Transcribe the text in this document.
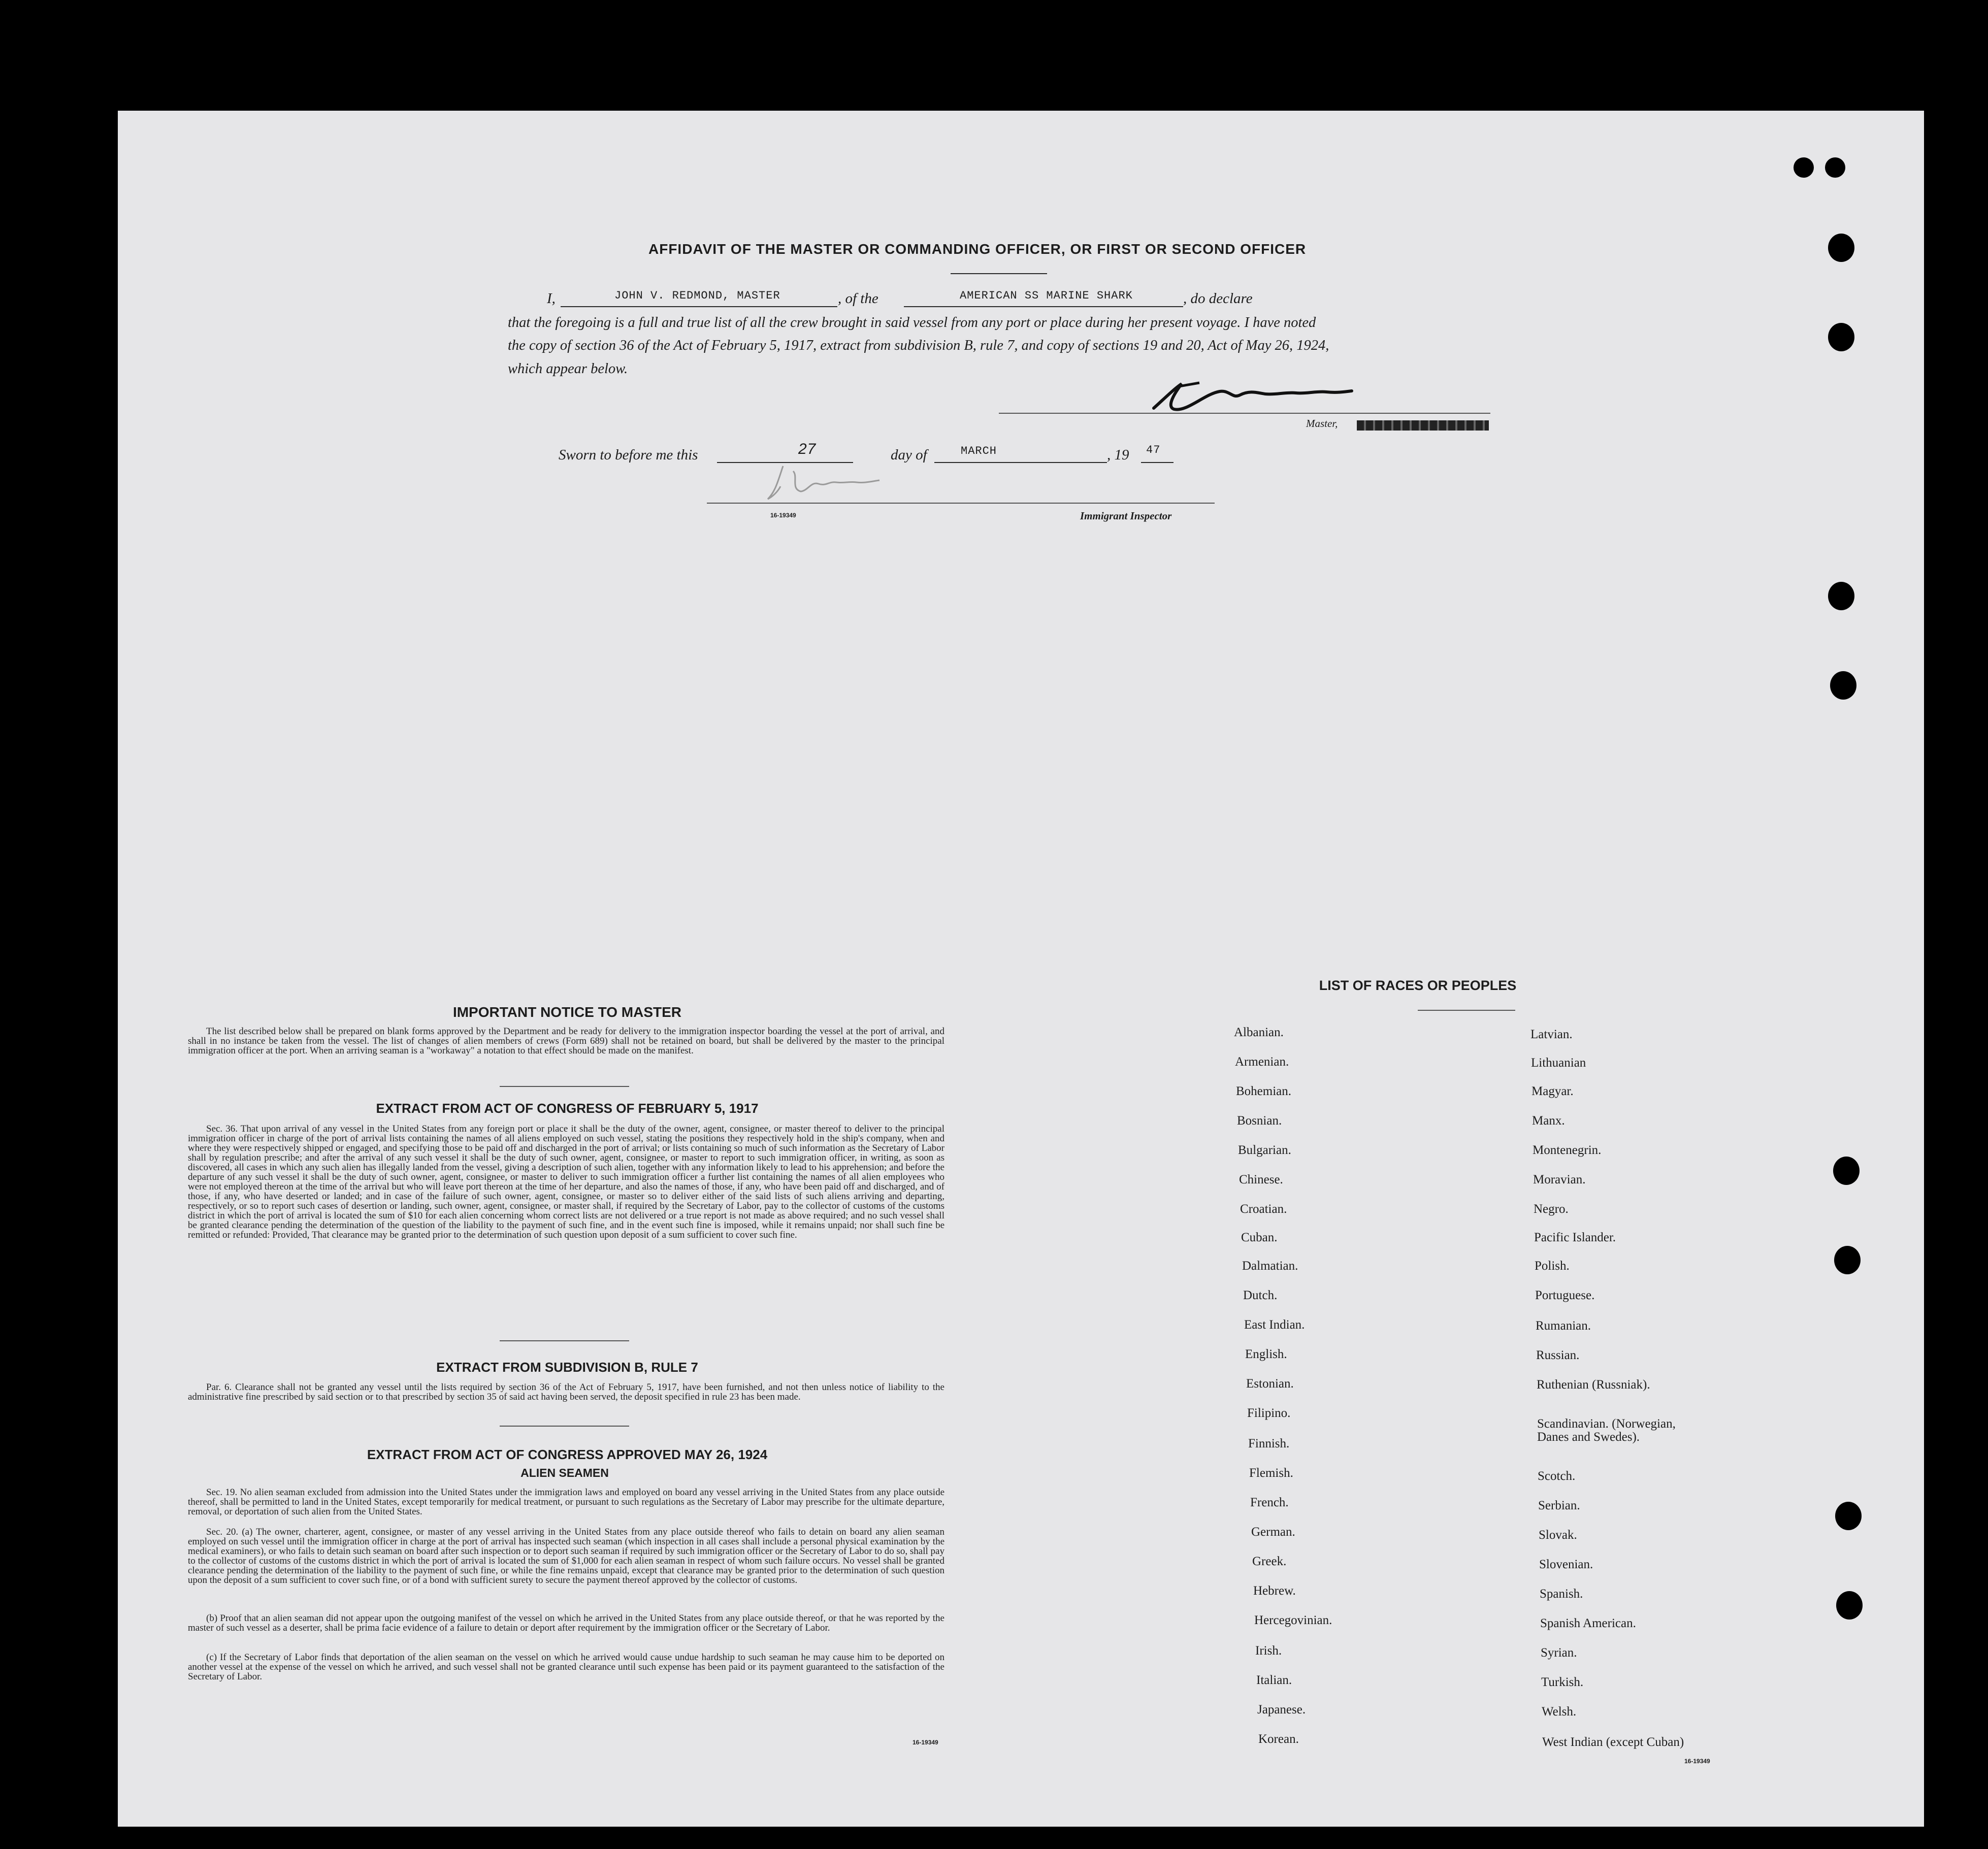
AFFIDAVIT OF THE MASTER OR COMMANDING OFFICER, OR FIRST OR SECOND OFFICER
I,	JOHN V. REDMOND, MASTER	, of the	AMERICAN SS MARINE SHARK	, do declare
that the foregoing is a full and true list of all the crew brought in said vessel from any port or place during her present voyage. I have noted
the copy of section 36 of the Act of February 5, 1917, extract from subdivision B, rule 7, and copy of sections 19 and 20, Act of May 26, 1924,
which appear below.
Master,
Sworn to before me this	27	day of	MARCH	, 19 47
16-19349	Immigrant Inspector
IMPORTANT NOTICE TO MASTER
The list described below shall be prepared on blank forms approved by the Department and be ready for delivery to the immigration inspector boarding the vessel at the port of arrival, and shall in no instance be taken from the vessel. The list of changes of alien members of crews (Form 689) shall not be retained on board, but shall be delivered by the master to the principal immigration officer at the port. When an arriving seaman is a "workaway" a notation to that effect should be made on the manifest.
EXTRACT FROM ACT OF CONGRESS OF FEBRUARY 5, 1917
Sec. 36. That upon arrival of any vessel in the United States from any foreign port or place it shall be the duty of the owner, agent, consignee, or master thereof to deliver to the principal immigration officer in charge of the port of arrival lists containing the names of all aliens employed on such vessel, stating the positions they respectively hold in the ship's company, when and where they were respectively shipped or engaged, and specifying those to be paid off and discharged in the port of arrival; or lists containing so much of such information as the Secretary of Labor shall by regulation prescribe; and after the arrival of any such vessel it shall be the duty of such owner, agent, consignee, or master to report to such immigration officer, in writing, as soon as discovered, all cases in which any such alien has illegally landed from the vessel, giving a description of such alien, together with any information likely to lead to his apprehension; and before the departure of any such vessel it shall be the duty of such owner, agent, consignee, or master to deliver to such immigration officer a further list containing the names of all alien employees who were not employed thereon at the time of the arrival but who will leave port thereon at the time of her departure, and also the names of those, if any, who have been paid off and discharged, and of those, if any, who have deserted or landed; and in case of the failure of such owner, agent, consignee, or master so to deliver either of the said lists of such aliens arriving and departing, respectively, or so to report such cases of desertion or landing, such owner, agent, consignee, or master shall, if required by the Secretary of Labor, pay to the collector of customs of the customs district in which the port of arrival is located the sum of $10 for each alien concerning whom correct lists are not delivered or a true report is not made as above required; and no such vessel shall be granted clearance pending the determination of the question of the liability to the payment of such fine, and in the event such fine is imposed, while it remains unpaid; nor shall such fine be remitted or refunded: Provided, That clearance may be granted prior to the determination of such question upon deposit of a sum sufficient to cover such fine.
EXTRACT FROM SUBDIVISION B, RULE 7
Par. 6. Clearance shall not be granted any vessel until the lists required by section 36 of the Act of February 5, 1917, have been furnished, and not then unless notice of liability to the administrative fine prescribed by said section or to that prescribed by section 35 of said act having been served, the deposit specified in rule 23 has been made.
EXTRACT FROM ACT OF CONGRESS APPROVED MAY 26, 1924
ALIEN SEAMEN
Sec. 19. No alien seaman excluded from admission into the United States under the immigration laws and employed on board any vessel arriving in the United States from any place outside thereof, shall be permitted to land in the United States, except temporarily for medical treatment, or pursuant to such regulations as the Secretary of Labor may prescribe for the ultimate departure, removal, or deportation of such alien from the United States.
Sec. 20. (a) The owner, charterer, agent, consignee, or master of any vessel arriving in the United States from any place outside thereof who fails to detain on board any alien seaman employed on such vessel until the immigration officer in charge at the port of arrival has inspected such seaman (which inspection in all cases shall include a personal physical examination by the medical examiners), or who fails to detain such seaman on board after such inspection or to deport such seaman if required by such immigration officer or the Secretary of Labor to do so, shall pay to the collector of customs of the customs district in which the port of arrival is located the sum of $1,000 for each alien seaman in respect of whom such failure occurs. No vessel shall be granted clearance pending the determination of the liability to the payment of such fine, or while the fine remains unpaid, except that clearance may be granted prior to the determination of such question upon the deposit of a sum sufficient to cover such fine, or of a bond with sufficient surety to secure the payment thereof approved by the collector of customs.
(b) Proof that an alien seaman did not appear upon the outgoing manifest of the vessel on which he arrived in the United States from any place outside thereof, or that he was reported by the master of such vessel as a deserter, shall be prima facie evidence of a failure to detain or deport after requirement by the immigration officer or the Secretary of Labor.
(c) If the Secretary of Labor finds that deportation of the alien seaman on the vessel on which he arrived would cause undue hardship to such seaman he may cause him to be deported on another vessel at the expense of the vessel on which he arrived, and such vessel shall not be granted clearance until such expense has been paid or its payment guaranteed to the satisfaction of the Secretary of Labor.
16-19349
LIST OF RACES OR PEOPLES
16-19349
Albanian.
Armenian.
Bohemian.
Bosnian.
Bulgarian.
Chinese.
Croatian.
Cuban.
Dalmatian.
Dutch.
East Indian.
English.
Estonian.
Filipino.
Finnish.
Flemish.
French.
German.
Greek.
Hebrew.
Hercegovinian.
Irish.
Italian.
Japanese.
Korean.
Latvian.
Lithuanian
Magyar.
Manx.
Montenegrin.
Moravian.
Negro.
Pacific Islander.
Polish.
Portuguese.
Rumanian.
Russian.
Ruthenian (Russniak).
Scandinavian. (Norwegian,
Danes and Swedes).
Scotch.
Serbian.
Slovak.
Slovenian.
Spanish.
Spanish American.
Syrian.
Turkish.
Welsh.
West Indian (except Cuban)
